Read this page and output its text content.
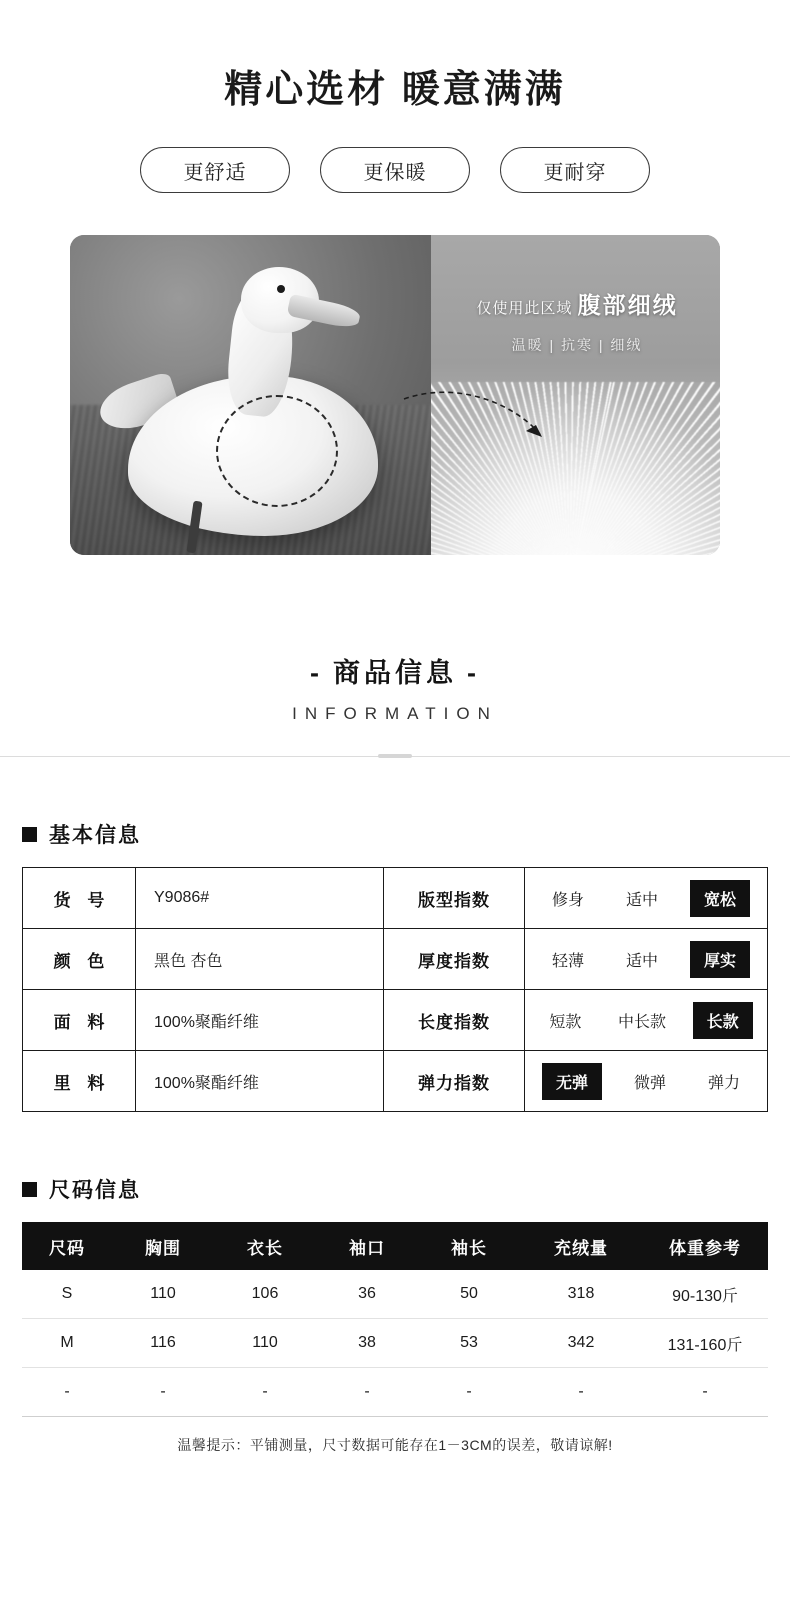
精心选材 暖意满满
更舒适	更保暖	更耐穿
仅使用此区域 腹部细绒
温暖 | 抗寒 | 细绒
- 商品信息 -
INFORMATION
基本信息
货 号	Y9086#	版型指数	修身 适中 宽松

颜 色	黑色 杏色	厚度指数	轻薄 适中 厚实

面 料	100%聚酯纤维	长度指数	短款 中长款 长款

里 料	100%聚酯纤维	弹力指数	无弹 微弹 弹力
尺码信息
尺码	胸围	衣长	袖口	袖长	充绒量	体重参考
S	110	106	36	50	318	90-130斤
M	116	110	38	53	342	131-160斤
-	-	-	-	-	-	-
温馨提示：平铺测量，尺寸数据可能存在1－3CM的误差，敬请谅解!
